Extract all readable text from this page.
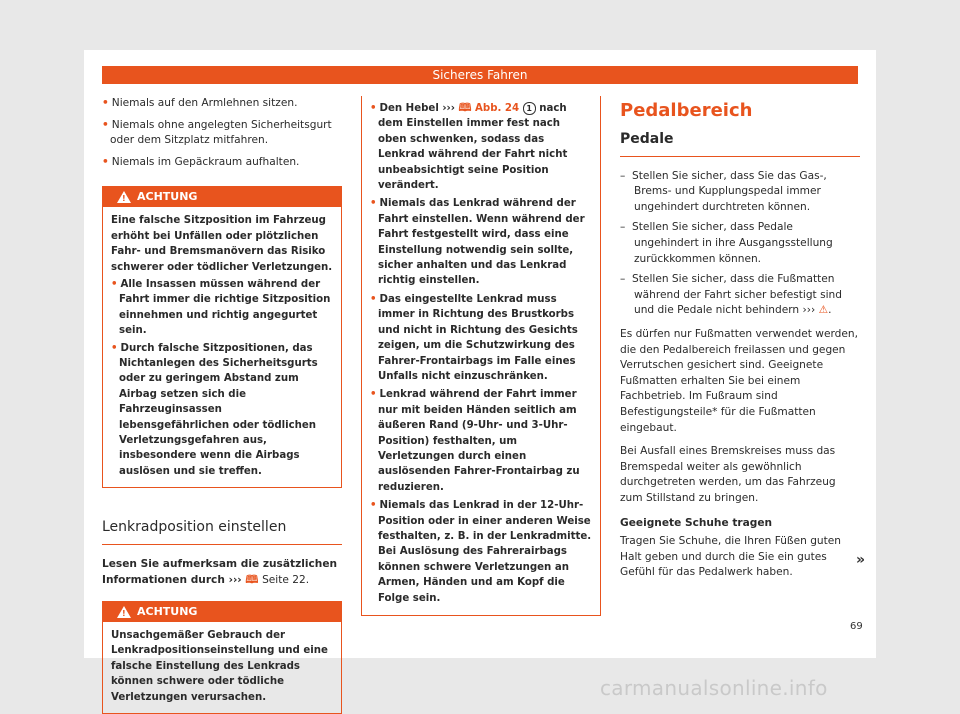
Sicheres Fahren

• Niemals auf den Armlehnen sitzen.

• Niemals ohne angelegten Sicherheitsgurt oder dem Sitzplatz mitfahren.

• Niemals im Gepäckraum aufhalten.

! ACHTUNG

Eine falsche Sitzposition im Fahrzeug erhöht bei Unfällen oder plötzlichen Fahr- und Bremsmanövern das Risiko schwerer oder tödlicher Verletzungen.

• Alle Insassen müssen während der Fahrt immer die richtige Sitzposition einnehmen und richtig angegurtet sein.

• Durch falsche Sitzpositionen, das Nichtanlegen des Sicherheitsgurts oder zu geringem Abstand zum Airbag setzen sich die Fahrzeuginsassen lebensgefährlichen oder tödlichen Verletzungsgefahren aus, insbesondere wenn die Airbags auslösen und sie treffen.

Lenkradposition einstellen

Lesen Sie aufmerksam die zusätzlichen Informationen durch ››› 🕮 Seite 22.

! ACHTUNG

Unsachgemäßer Gebrauch der Lenkradpositionseinstellung und eine falsche Einstellung des Lenkrads können schwere oder tödliche Verletzungen verursachen.

• Den Hebel ››› 🕮 Abb. 24 1 nach dem Einstellen immer fest nach oben schwenken, sodass das Lenkrad während der Fahrt nicht unbeabsichtigt seine Position verändert.

• Niemals das Lenkrad während der Fahrt einstellen. Wenn während der Fahrt festgestellt wird, dass eine Einstellung notwendig sein sollte, sicher anhalten und das Lenkrad richtig einstellen.

• Das eingestellte Lenkrad muss immer in Richtung des Brustkorbs und nicht in Richtung des Gesichts zeigen, um die Schutzwirkung des Fahrer-Frontairbags im Falle eines Unfalls nicht einzuschränken.

• Lenkrad während der Fahrt immer nur mit beiden Händen seitlich am äußeren Rand (9-Uhr- und 3-Uhr-Position) festhalten, um Verletzungen durch einen auslösenden Fahrer-Frontairbag zu reduzieren.

• Niemals das Lenkrad in der 12-Uhr-Position oder in einer anderen Weise festhalten, z. B. in der Lenkradmitte. Bei Auslösung des Fahrerairbags können schwere Verletzungen an Armen, Händen und am Kopf die Folge sein.

Pedalbereich
Pedale

–  Stellen Sie sicher, dass Sie das Gas-, Brems- und Kupplungspedal immer ungehindert durchtreten können.

–  Stellen Sie sicher, dass Pedale ungehindert in ihre Ausgangsstellung zurückkommen können.

–  Stellen Sie sicher, dass die Fußmatten während der Fahrt sicher befestigt sind und die Pedale nicht behindern ››› ⚠.

Es dürfen nur Fußmatten verwendet werden, die den Pedalbereich freilassen und gegen Verrutschen gesichert sind. Geeignete Fußmatten erhalten Sie bei einem Fachbetrieb. Im Fußraum sind Befestigungsteile* für die Fußmatten eingebaut.

Bei Ausfall eines Bremskreises muss das Bremspedal weiter als gewöhnlich durchgetreten werden, um das Fahrzeug zum Stillstand zu bringen.

Geeignete Schuhe tragen

Tragen Sie Schuhe, die Ihren Füßen guten Halt geben und durch die Sie ein gutes Gefühl für das Pedalwerk haben.

»
69
carmanualsonline.info
